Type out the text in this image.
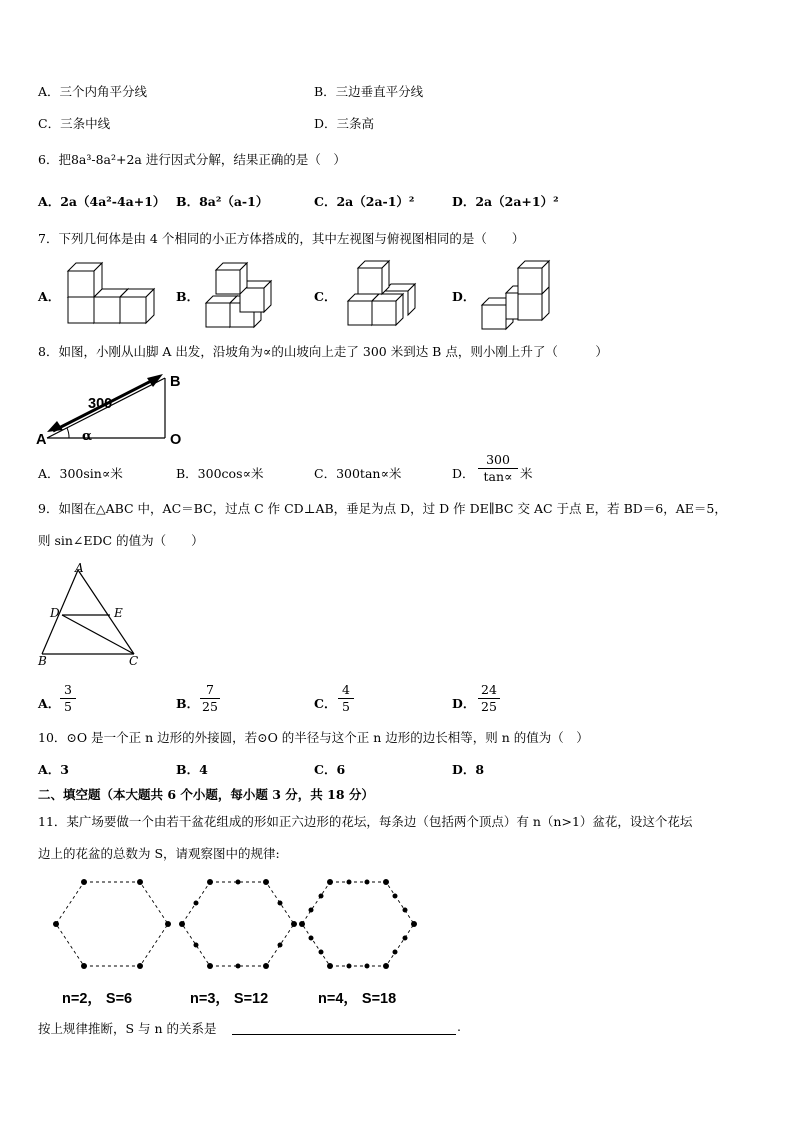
A．三个内角平分线	B．三边垂直平分线
C．三条中线	D．三条高
6．把8a³-8a²+2a 进行因式分解，结果正确的是（　）
A．2a（4a²-4a+1） B．8a²（a-1）	C．2a（2a-1）²	D．2a（2a+1）²
7．下列几何体是由 4 个相同的小正方体搭成的，其中左视图与俯视图相同的是（　　）
A．	B．	C．	D．
8．如图，小刚从山脚 A 出发，沿坡角为∝的山坡向上走了 300 米到达 B 点，则小刚上升了（　　　）
300
B
A	O
α
A．300sin∝米	B．300cos∝米	C．300tan∝米	D． $\frac{300}{\tan\propto}$ 米
9．如图在△ABC 中，AC＝BC，过点 C 作 CD⊥AB，垂足为点 D，过 D 作 DE∥BC 交 AC 于点 E，若 BD＝6，AE＝5，
则 sin∠EDC 的值为（　　）
A
D	E
B	C
A． $\frac{3}{5}$	B． $\frac{7}{25}$	C． $\frac{4}{5}$	D． $\frac{24}{25}$
10．⊙O 是一个正 n 边形的外接圆，若⊙O 的半径与这个正 n 边形的边长相等，则 n 的值为（　）
A．3	B．4	C．6	D．8
二、填空题（本大题共 6 个小题，每小题 3 分，共 18 分）
11．某广场要做一个由若干盆花组成的形如正六边形的花坛，每条边（包括两个顶点）有 n（n>1）盆花，设这个花坛
边上的花盆的总数为 S，请观察图中的规律:
n=2， S=6	n=3， S=12	n=4， S=18
按上规律推断，S 与 n 的关系是	.
